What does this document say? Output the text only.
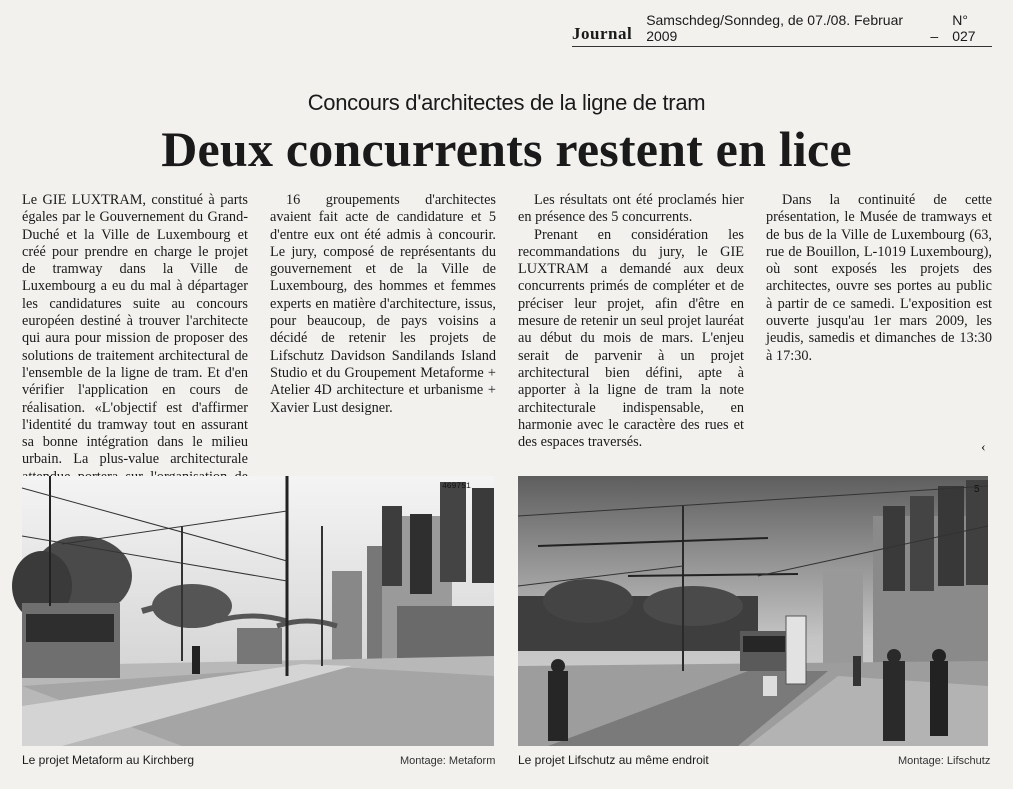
Journal
Samschdeg/Sonndeg, de 07./08. Februar 2009	–
N° 027
Concours d'architectes de la ligne de tram
Deux concurrents restent en lice

Le GIE LUXTRAM, constitué à parts égales par le Gouvernement du Grand-Duché et la Ville de Luxembourg et créé pour prendre en charge le projet de tramway dans la Ville de Luxembourg a eu du mal à départager les candidatures suite au concours européen destiné à trouver l'architecte qui aura pour mission de proposer des solutions de traitement architectural de l'ensemble de la ligne de tram. Et d'en vérifier l'application en cours de réalisation. «L'objectif est d'affirmer l'identité du tramway tout en assurant sa bonne intégration dans le milieu urbain. La plus-value architecturale

16 groupements d'architectes avaient fait acte de candidature et 5 d'entre eux ont été admis à concourir. Le jury, composé de représentants du gouvernement et de la Ville de Luxembourg, des hommes et femmes experts en matière d'architecture, issus, pour beaucoup, de pays voisins a décidé de retenir les projets de Lifschutz Davidson Sandilands Island Studio et du Groupement Metaforme + Atelier 4D architecture et urbanisme + Xavier Lust designer.

Les résultats ont été proclamés hier en présence des 5 concurrents.

Prenant en considération les recommandations du jury, le GIE LUXTRAM a demandé aux deux concurrents primés de compléter et de préciser leur projet, afin d'être en mesure de retenir un seul projet lauréat au début du mois de mars. L'enjeu serait de parvenir à un projet architectural bien défini, apte à apporter à la ligne de tram la note architecturale indispensable, en harmonie avec le caractère des rues et des espaces traversés.

Dans la continuité de cette présentation, le Musée de tramways et de bus de la Ville de Luxembourg (63, rue de Bouillon, L-1019 Luxembourg), où sont exposés les projets des architectes, ouvre ses portes au public à partir de ce samedi. L'exposition est ouverte jusqu'au 1er mars 2009, les jeudis, samedis et dimanches de 13:30 à 17:30.

‹
469751
Le projet Metaform au Kirchberg	Montage: Metaform
5
Le projet Lifschutz au même endroit	Montage: Lifschutz
